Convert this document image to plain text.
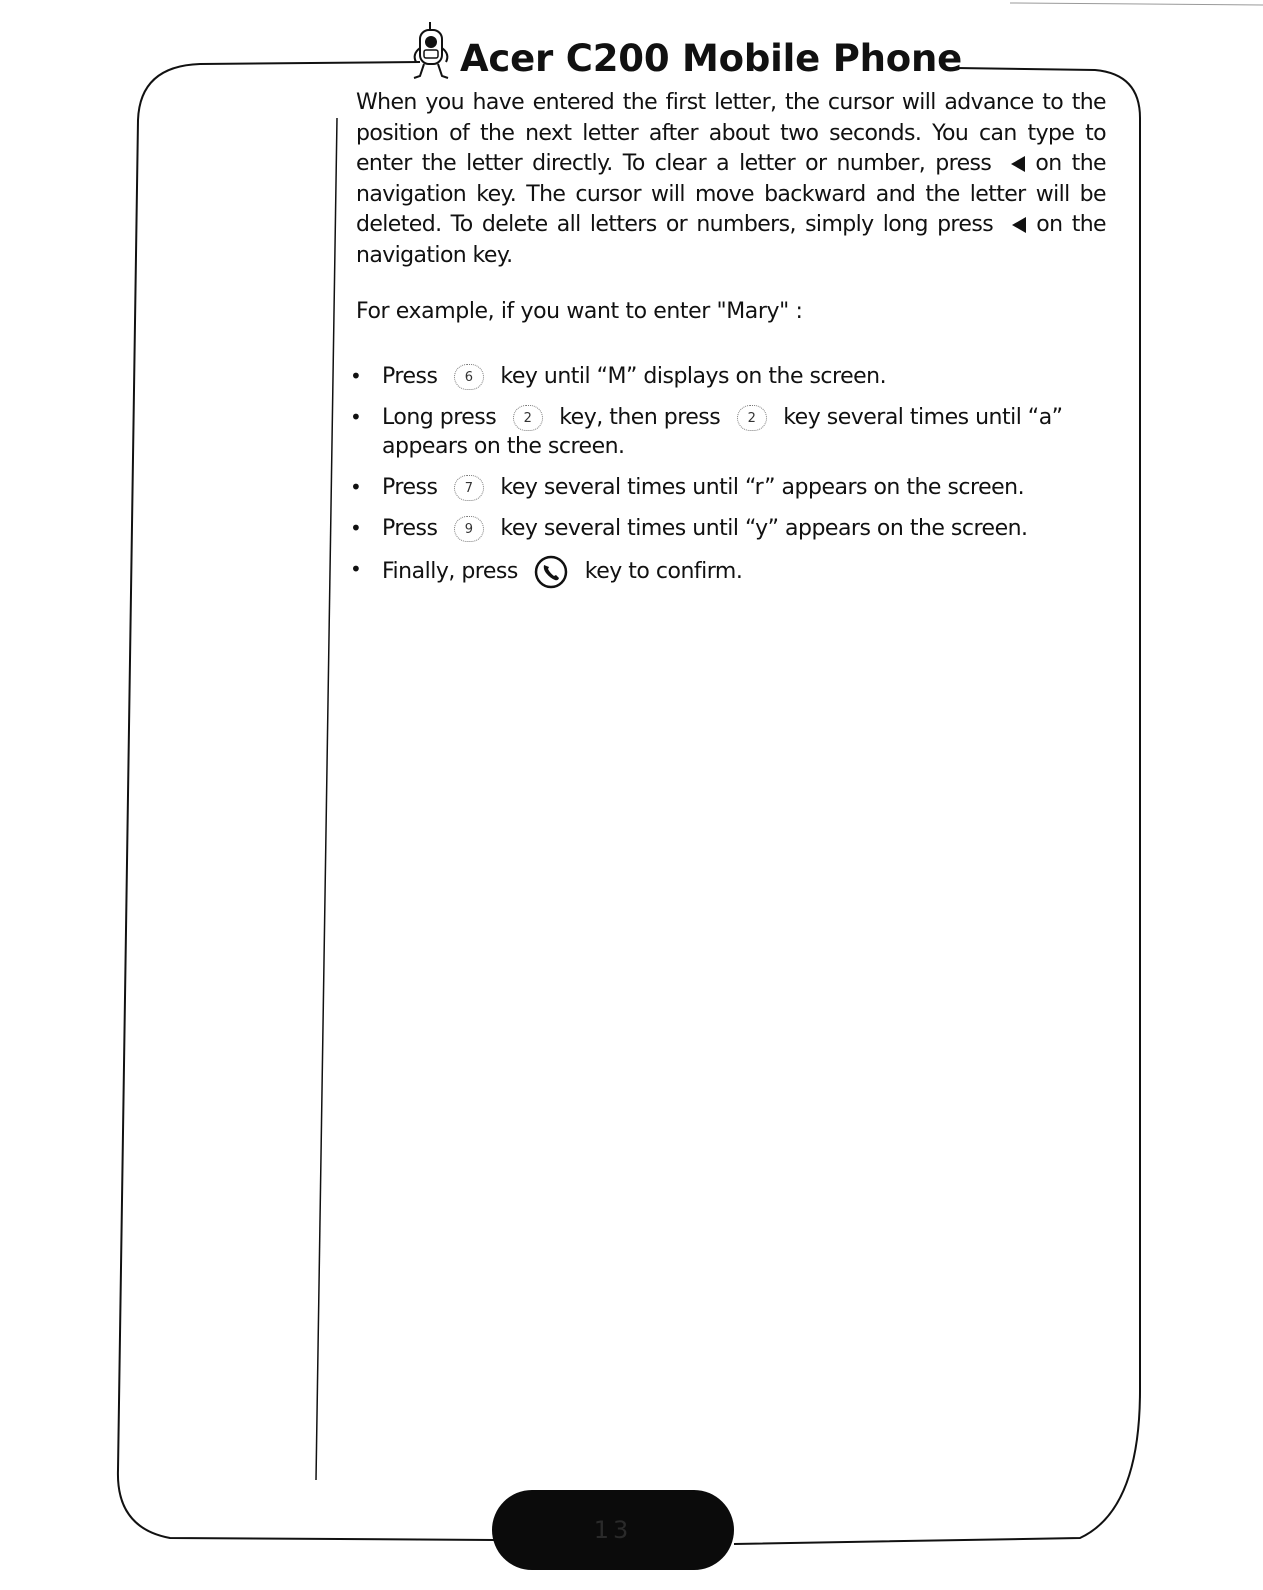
Acer C200 Mobile Phone

When you have entered the first letter, the cursor will advance to the position of the next letter after about two seconds. You can type to enter the letter directly. To clear a letter or number, press on the navigation key. The cursor will move backward and the letter will be deleted. To delete all letters or numbers, simply long press on the navigation key.

For example, if you want to enter "Mary" :

• Press 6 key until “M” displays on the screen.
• Long press 2 key, then press 2 key several times until “a” appears on the screen.
• Press 7 key several times until “r” appears on the screen.
• Press 9 key several times until “y” appears on the screen.
• Finally, press  key to confirm.
13
